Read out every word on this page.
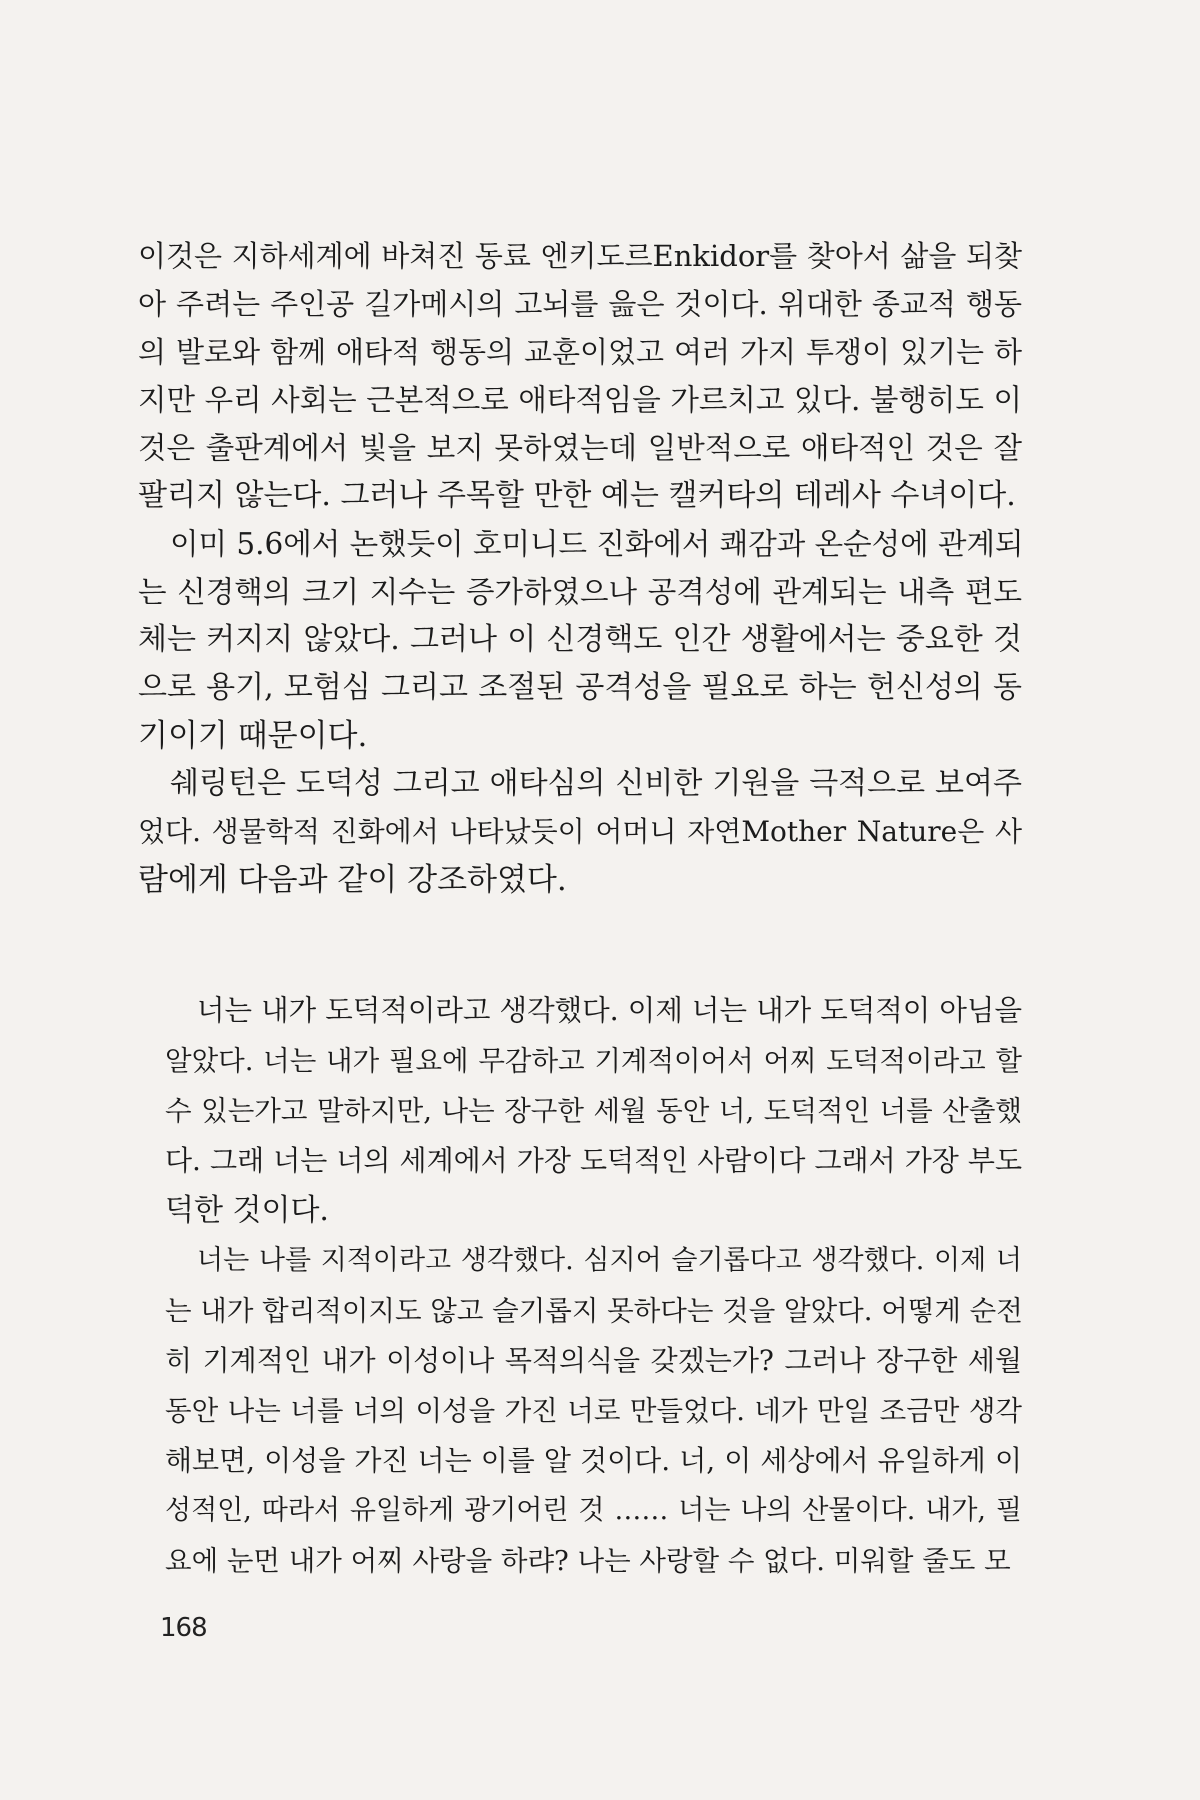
이것은 지하세계에 바쳐진 동료 엔키도르Enkidor를 찾아서 삶을 되찾
아 주려는 주인공 길가메시의 고뇌를 읊은 것이다. 위대한 종교적 행동
의 발로와 함께 애타적 행동의 교훈이었고 여러 가지 투쟁이 있기는 하
지만 우리 사회는 근본적으로 애타적임을 가르치고 있다. 불행히도 이
것은 출판계에서 빛을 보지 못하였는데 일반적으로 애타적인 것은 잘
팔리지 않는다. 그러나 주목할 만한 예는 캘커타의 테레사 수녀이다.
이미 5.6에서 논했듯이 호미니드 진화에서 쾌감과 온순성에 관계되
는 신경핵의 크기 지수는 증가하였으나 공격성에 관계되는 내측 편도
체는 커지지 않았다. 그러나 이 신경핵도 인간 생활에서는 중요한 것
으로 용기, 모험심 그리고 조절된 공격성을 필요로 하는 헌신성의 동
기이기 때문이다.
쉐링턴은 도덕성 그리고 애타심의 신비한 기원을 극적으로 보여주
었다. 생물학적 진화에서 나타났듯이 어머니 자연Mother Nature은 사
람에게 다음과 같이 강조하였다.
너는 내가 도덕적이라고 생각했다. 이제 너는 내가 도덕적이 아님을
알았다. 너는 내가 필요에 무감하고 기계적이어서 어찌 도덕적이라고 할
수 있는가고 말하지만, 나는 장구한 세월 동안 너, 도덕적인 너를 산출했
다. 그래 너는 너의 세계에서 가장 도덕적인 사람이다 그래서 가장 부도
덕한 것이다.
너는 나를 지적이라고 생각했다. 심지어 슬기롭다고 생각했다. 이제 너
는 내가 합리적이지도 않고 슬기롭지 못하다는 것을 알았다. 어떻게 순전
히 기계적인 내가 이성이나 목적의식을 갖겠는가? 그러나 장구한 세월
동안 나는 너를 너의 이성을 가진 너로 만들었다. 네가 만일 조금만 생각
해보면, 이성을 가진 너는 이를 알 것이다. 너, 이 세상에서 유일하게 이
성적인, 따라서 유일하게 광기어린 것 …… 너는 나의 산물이다. 내가, 필
요에 눈먼 내가 어찌 사랑을 하랴? 나는 사랑할 수 없다. 미워할 줄도 모
168
